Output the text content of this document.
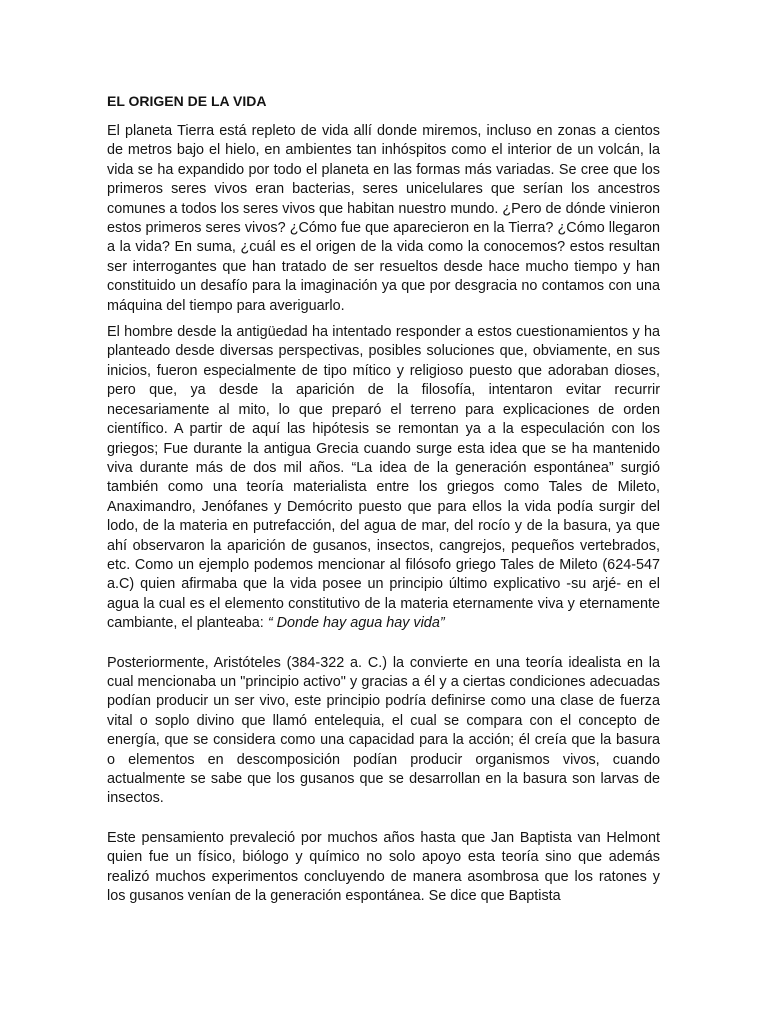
EL ORIGEN DE LA VIDA

El planeta Tierra está repleto de vida allí donde miremos, incluso en zonas a cientos de metros bajo el hielo, en ambientes tan inhóspitos como el interior de un volcán, la vida se ha expandido por todo el planeta en las formas más variadas. Se cree que los primeros seres vivos eran bacterias, seres unicelulares que serían los ancestros comunes a todos los seres vivos que habitan nuestro mundo. ¿Pero de dónde vinieron estos primeros seres vivos? ¿Cómo fue que aparecieron en la Tierra? ¿Cómo llegaron a la vida? En suma, ¿cuál es el origen de la vida como la conocemos? estos resultan ser interrogantes que han tratado de ser resueltos desde hace mucho tiempo y han constituido un desafío para la imaginación ya que por desgracia no contamos con una máquina del tiempo para averiguarlo.

El hombre desde la antigüedad ha intentado responder a estos cuestionamientos y ha planteado desde diversas perspectivas, posibles soluciones que, obviamente, en sus inicios, fueron especialmente de tipo mítico y religioso puesto que adoraban dioses, pero que, ya desde la aparición de la filosofía, intentaron evitar recurrir necesariamente al mito, lo que preparó el terreno para explicaciones de orden científico. A partir de aquí las hipótesis se remontan ya a la especulación con los griegos; Fue durante la antigua Grecia cuando surge esta idea que se ha mantenido viva durante más de dos mil años. “La idea de la generación espontánea” surgió también como una teoría materialista entre los griegos como Tales de Mileto, Anaximandro, Jenófanes y Demócrito puesto que para ellos la vida podía surgir del lodo, de la materia en putrefacción, del agua de mar, del rocío y de la basura, ya que ahí observaron la aparición de gusanos, insectos, cangrejos, pequeños vertebrados, etc. Como un ejemplo podemos mencionar al filósofo griego Tales de Mileto (624-547 a.C) quien afirmaba que la vida posee un principio último explicativo -su arjé- en el agua la cual es el elemento constitutivo de la materia eternamente viva y eternamente cambiante, el planteaba: “ Donde hay agua hay vida”

Posteriormente, Aristóteles (384-322 a. C.) la convierte en una teoría idealista en la cual mencionaba un "principio activo" y gracias a él y a ciertas condiciones adecuadas podían producir un ser vivo, este principio podría definirse como una clase de fuerza vital o soplo divino que llamó entelequia, el cual se compara con el concepto de energía, que se considera como una capacidad para la acción; él creía que la basura o elementos en descomposición podían producir organismos vivos, cuando actualmente se sabe que los gusanos que se desarrollan en la basura son larvas de insectos.

Este pensamiento prevaleció por muchos años hasta que Jan Baptista van Helmont quien fue un físico, biólogo y químico no solo apoyo esta teoría sino que además realizó muchos experimentos concluyendo de manera asombrosa que los ratones y los gusanos venían de la generación espontánea. Se dice que Baptista
